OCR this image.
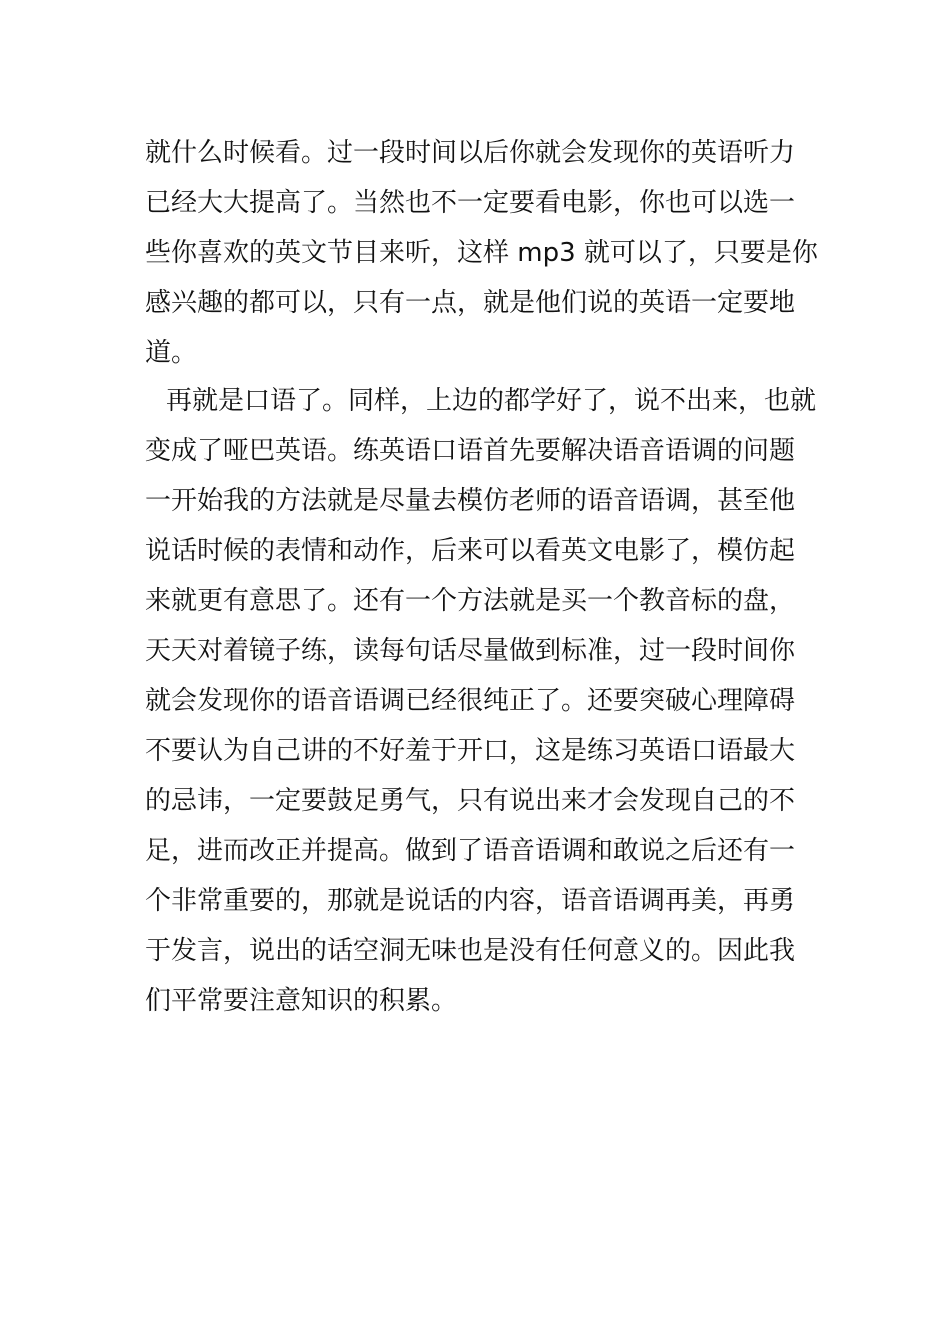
就什么时候看。过一段时间以后你就会发现你的英语听力
已经大大提高了。当然也不一定要看电影，你也可以选一
些你喜欢的英文节目来听，这样 mp3 就可以了，只要是你
感兴趣的都可以，只有一点，就是他们说的英语一定要地
道。
再就是口语了。同样，上边的都学好了，说不出来，也就
变成了哑巴英语。练英语口语首先要解决语音语调的问题
一开始我的方法就是尽量去模仿老师的语音语调，甚至他
说话时候的表情和动作，后来可以看英文电影了，模仿起
来就更有意思了。还有一个方法就是买一个教音标的盘，
天天对着镜子练，读每句话尽量做到标准，过一段时间你
就会发现你的语音语调已经很纯正了。还要突破心理障碍
不要认为自己讲的不好羞于开口，这是练习英语口语最大
的忌讳，一定要鼓足勇气，只有说出来才会发现自己的不
足，进而改正并提高。做到了语音语调和敢说之后还有一
个非常重要的，那就是说话的内容，语音语调再美，再勇
于发言，说出的话空洞无味也是没有任何意义的。因此我
们平常要注意知识的积累。
